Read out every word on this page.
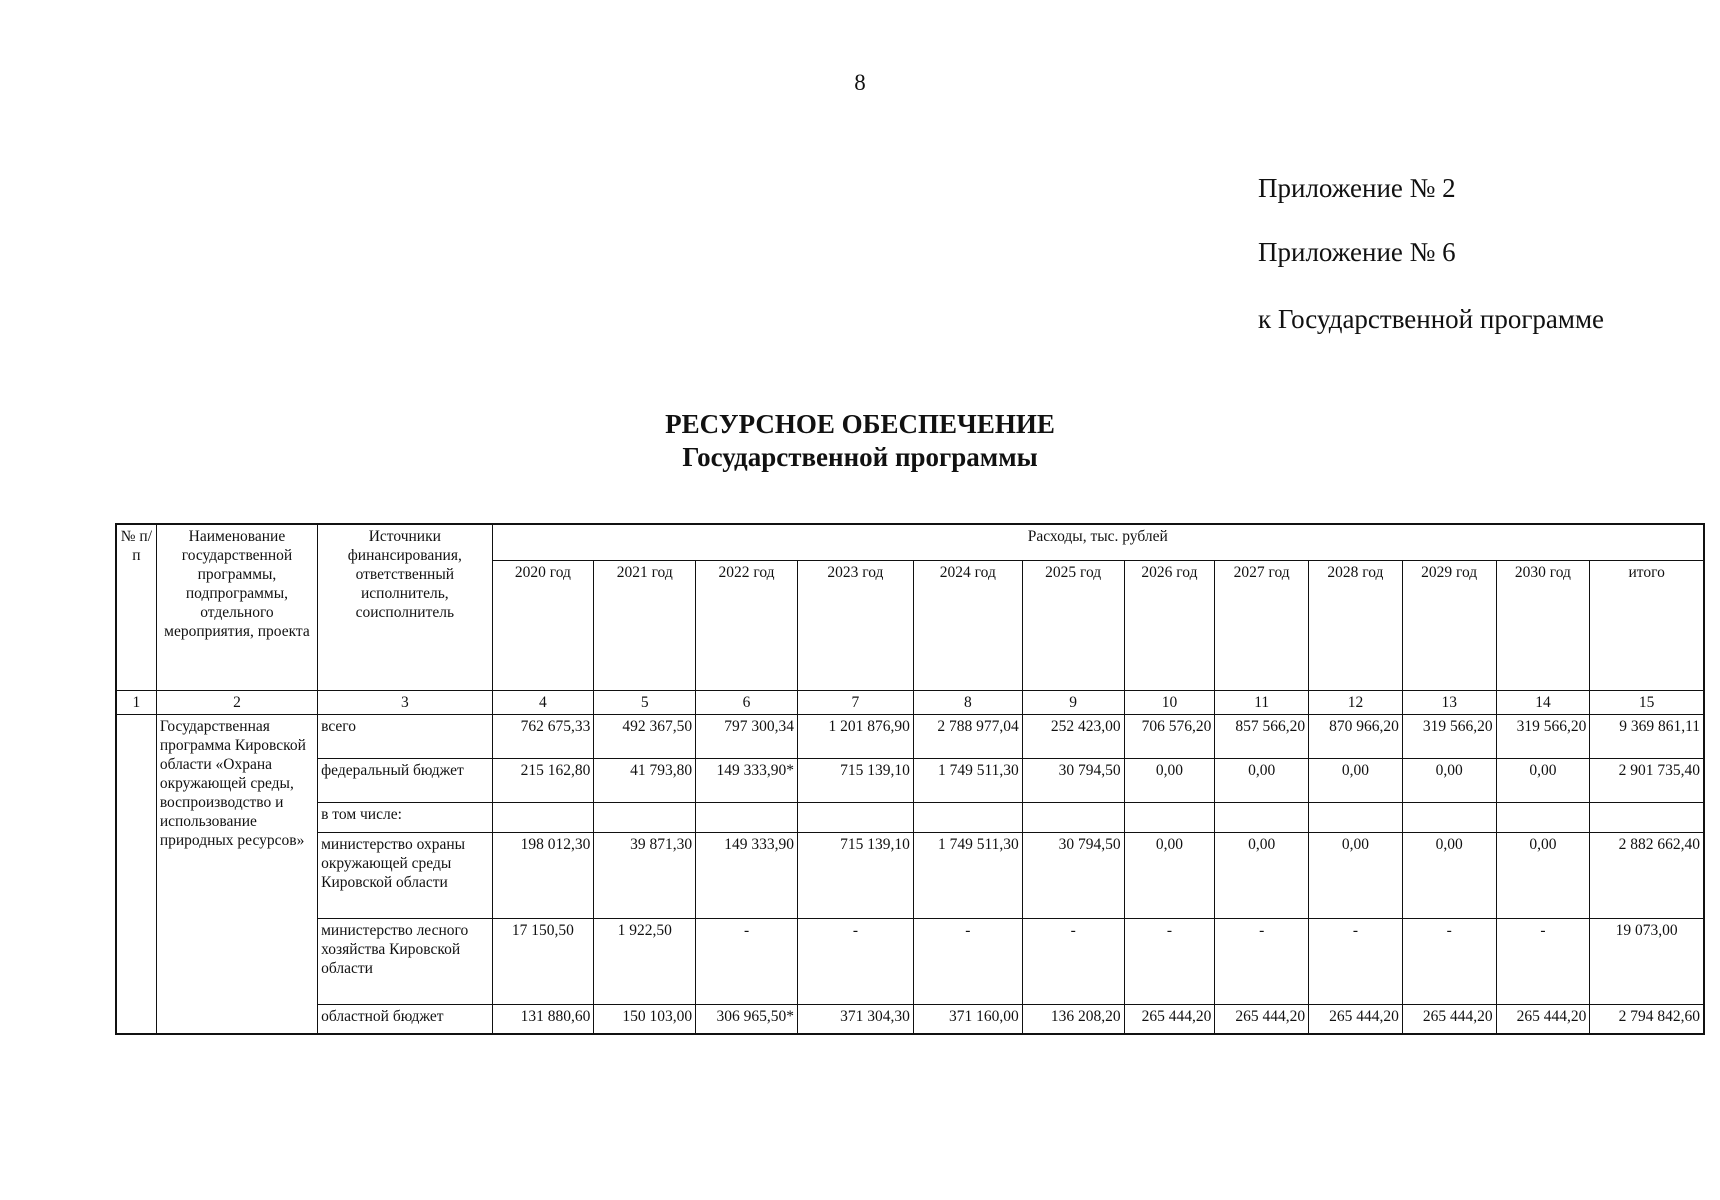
8
Приложение № 2
Приложение № 6
к Государственной программе
РЕСУРСНОЕ ОБЕСПЕЧЕНИЕ
Государственной программы
№ п/п	Наименование государственной программы, подпрограммы, отдельного мероприятия, проекта	Источники финансирования, ответственный исполнитель, соисполнитель	Расходы, тыс. рублей											
			2020 год	2021 год	2022 год	2023 год	2024 год	2025 год	2026 год	2027 год	2028 год	2029 год	2030 год	итого
1	2	3	4	5	6	7	8	9	10	11	12	13	14	15
	Государственная программа Кировской области «Охрана окружающей среды, воспроизводство и использование природных ресурсов»	всего	762 675,33	492 367,50	797 300,34	1 201 876,90	2 788 977,04	252 423,00	706 576,20	857 566,20	870 966,20	319 566,20	319 566,20	9 369 861,11
		федеральный бюджет	215 162,80	41 793,80	149 333,90*	715 139,10	1 749 511,30	30 794,50	0,00	0,00	0,00	0,00	0,00	2 901 735,40
		в том числе:												
		министерство охраны окружающей среды Кировской области	198 012,30	39 871,30	149 333,90	715 139,10	1 749 511,30	30 794,50	0,00	0,00	0,00	0,00	0,00	2 882 662,40
		министерство лесного хозяйства Кировской области	17 150,50	1 922,50	-	-	-	-	-	-	-	-	-	19 073,00
		областной бюджет	131 880,60	150 103,00	306 965,50*	371 304,30	371 160,00	136 208,20	265 444,20	265 444,20	265 444,20	265 444,20	265 444,20	2 794 842,60
